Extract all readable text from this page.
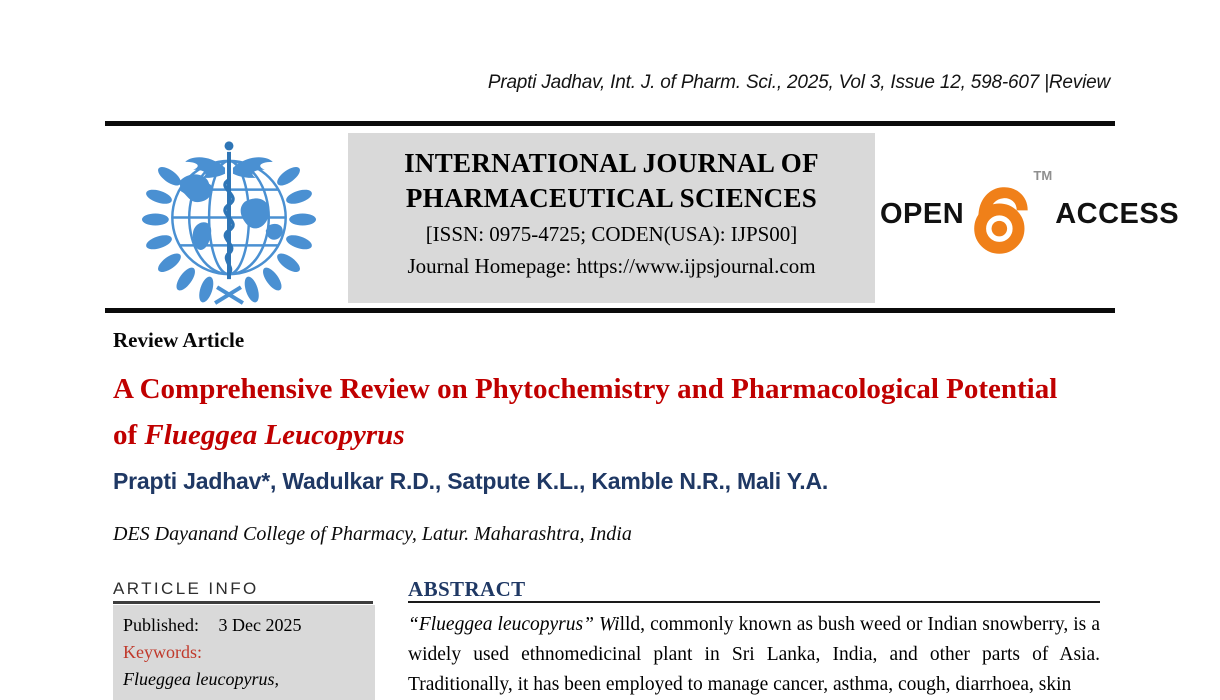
Prapti Jadhav, Int. J. of Pharm. Sci., 2025, Vol 3, Issue 12, 598-607 |Review
INTERNATIONAL JOURNAL OF
PHARMACEUTICAL SCIENCES
[ISSN: 0975-4725; CODEN(USA): IJPS00]
Journal Homepage: https://www.ijpsjournal.com
OPEN
TM
ACCESS
Review Article
A Comprehensive Review on Phytochemistry and Pharmacological Potential of Flueggea Leucopyrus
Prapti Jadhav*, Wadulkar R.D., Satpute K.L., Kamble N.R., Mali Y.A.
DES Dayanand College of Pharmacy, Latur. Maharashtra, India
ARTICLE INFO
Published: 3 Dec 2025
Keywords:
Flueggea leucopyrus,
ABSTRACT
“Flueggea leucopyrus” Willd, commonly known as bush weed or Indian snowberry, is a widely used ethnomedicinal plant in Sri Lanka, India, and other parts of Asia. Traditionally, it has been employed to manage cancer, asthma, cough, diarrhoea, skin
